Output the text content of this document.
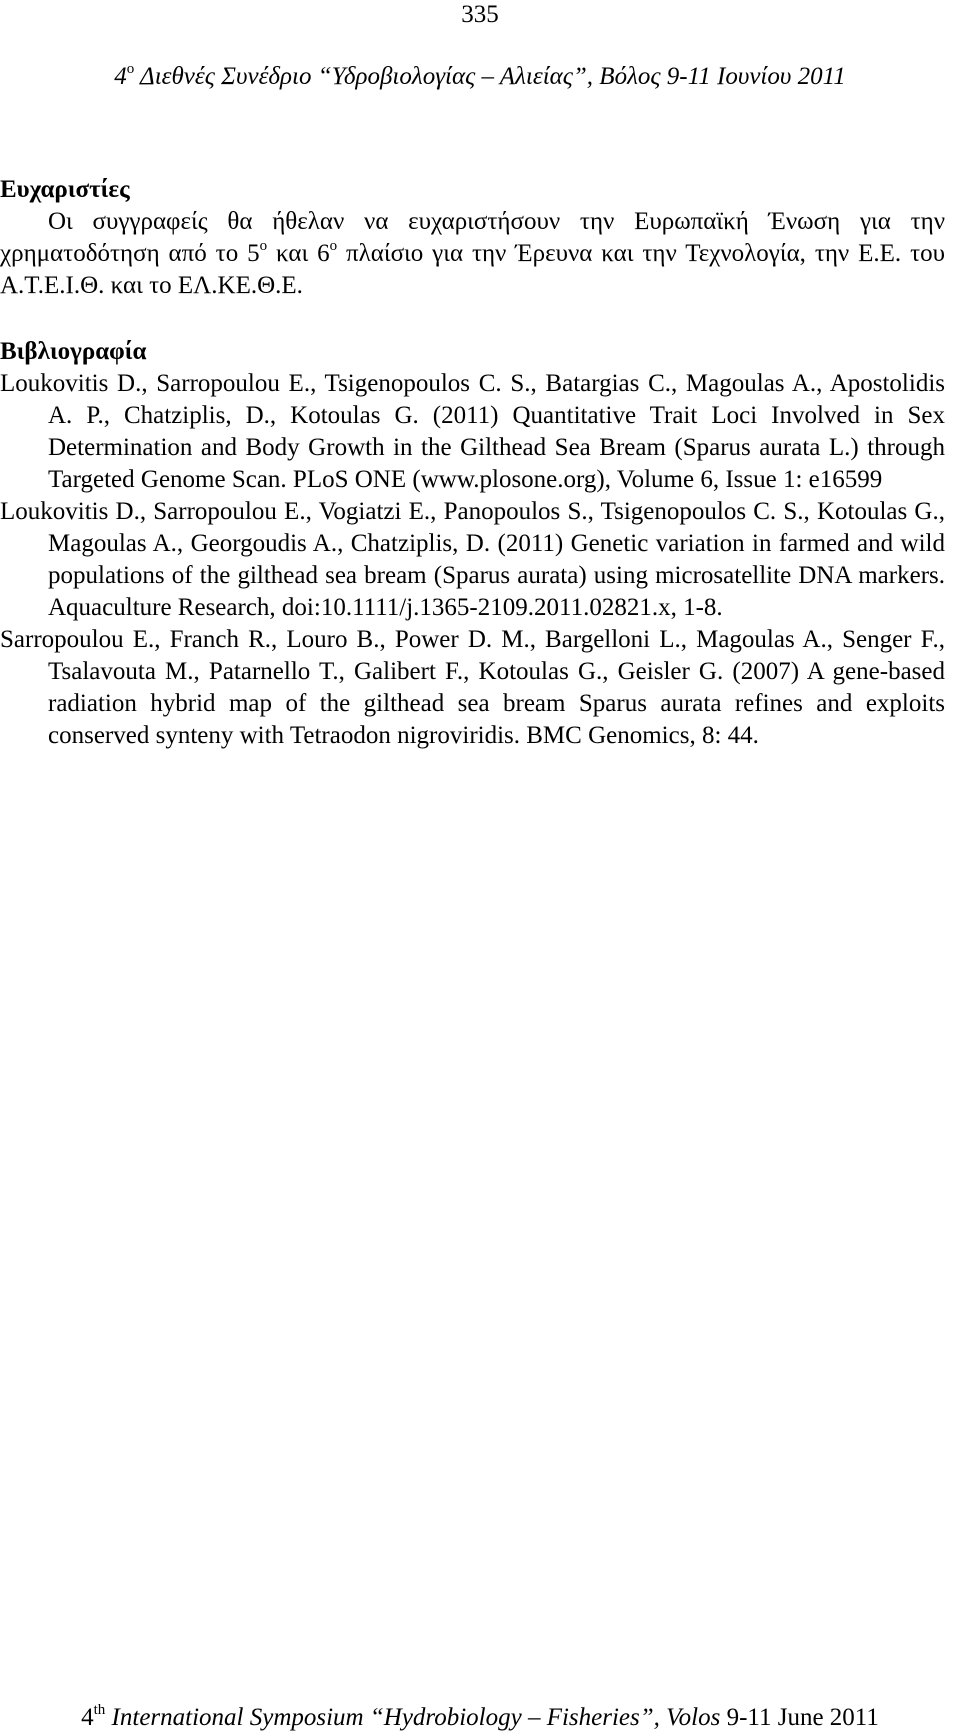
335
$4^o$ Διεθνές Συνέδριο “Υδροβιολογίας – Αλιείας”, Βόλος 9-11 Ιουνίου 2011

Ευχαριστίες

Οι συγγραφείς θα ήθελαν να ευχαριστήσουν την Ευρωπαϊκή Ένωση για την χρηματοδότηση από το $5^o$ και $6^o$ πλαίσιο για την Έρευνα και την Τεχνολογία, την Ε.Ε. του Α.Τ.Ε.Ι.Θ. και το ΕΛ.ΚΕ.Θ.Ε.

Βιβλιογραφία

Loukovitis D., Sarropoulou E., Tsigenopoulos C. S., Batargias C., Magoulas A., Apostolidis A. P., Chatziplis, D., Kotoulas G. (2011) Quantitative Trait Loci Involved in Sex Determination and Body Growth in the Gilthead Sea Bream (Sparus aurata L.) through Targeted Genome Scan. PLoS ONE (www.plosone.org), Volume 6, Issue 1: e16599
Loukovitis D., Sarropoulou E., Vogiatzi E., Panopoulos S., Tsigenopoulos C. S., Kotoulas G., Magoulas A., Georgoudis A., Chatziplis, D. (2011) Genetic variation in farmed and wild populations of the gilthead sea bream (Sparus aurata) using microsatellite DNA markers. Aquaculture Research, doi:10.1111/j.1365-2109.2011.02821.x, 1-8.
Sarropoulou E., Franch R., Louro B., Power D. M., Bargelloni L., Magoulas A., Senger F., Tsalavouta M., Patarnello T., Galibert F., Kotoulas G., Geisler G. (2007) A gene-based radiation hybrid map of the gilthead sea bream Sparus aurata refines and exploits conserved synteny with Tetraodon nigroviridis. BMC Genomics, 8: 44.
4th International Symposium “Hydrobiology – Fisheries”, Volos 9-11 June 2011
